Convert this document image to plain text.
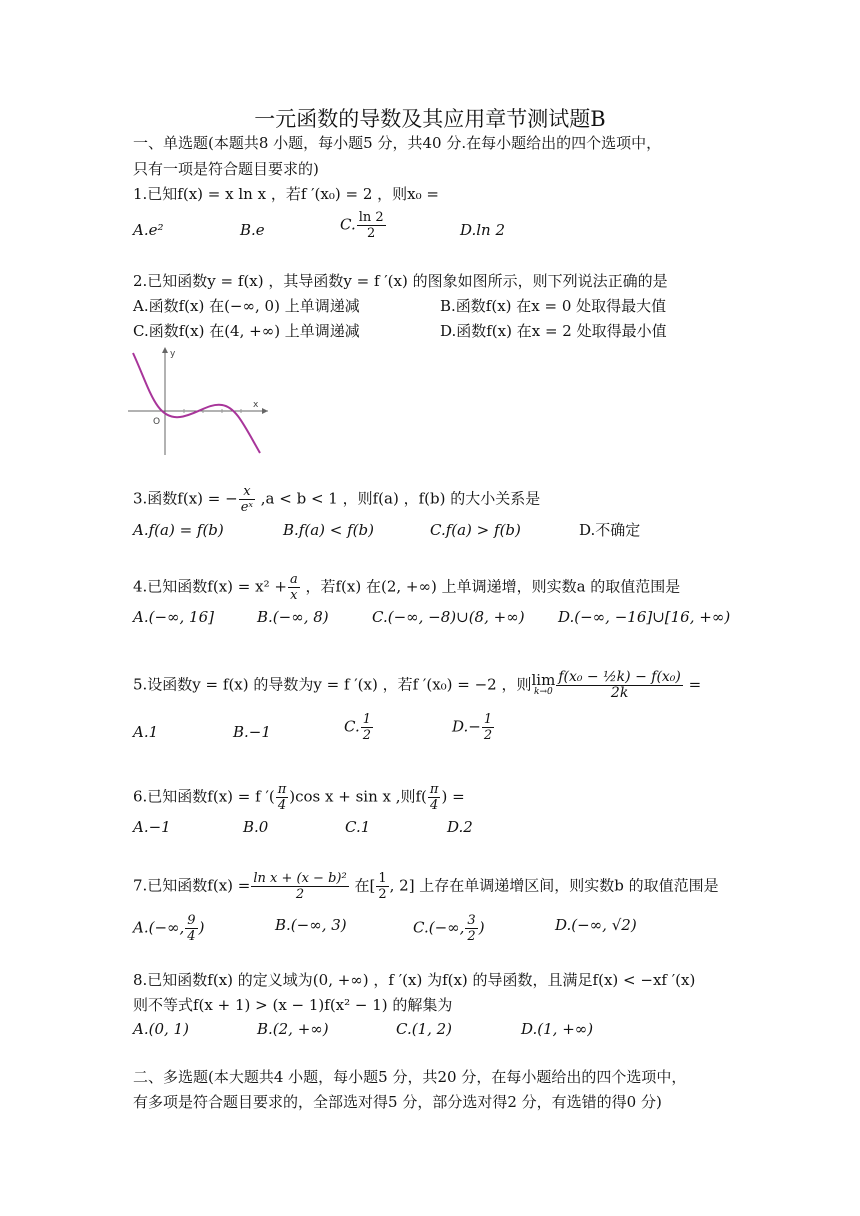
一元函数的导数及其应用章节测试题B
一、单选题(本题共8 小题，每小题5 分，共40 分.在每小题给出的四个选项中，
只有一项是符合题目要求的)
1.已知f(x) = x ln x ，若f ′(x₀) = 2 ，则x₀ =
A.e²	B.e	C. $\frac{\ln 2}{2}$	D.ln 2
2.已知函数y = f(x) ，其导函数y = f ′(x) 的图象如图所示，则下列说法正确的是
A.函数f(x) 在(−∞, 0) 上单调递减	B.函数f(x) 在x = 0 处取得最大值
C.函数f(x) 在(4, +∞) 上单调递减	D.函数f(x) 在x = 2 处取得最小值
y
x
O
3.函数f(x) = − $\frac{x}{\text{eˣ}} ,a < b < 1$ ，则f(a) ，f(b) 的大小关系是
A.f(a) = f(b)	B.f(a) < f(b)	C.f(a) > f(b)	D.不确定
4.已知函数$f(x) = x^2 + \frac{a}{x}$ ，若f(x) 在(2, +∞) 上单调递增，则实数a 的取值范围是
A.(−∞, 16]	B.(−∞, 8)	C.(−∞, −8)∪(8, +∞) D.(−∞, −16]∪[16, +∞)
5.设函数y = f(x) 的导数为y = f ′(x) ，若f ′(x₀) = −2 ，则lim
$k\to 0 \frac{\text{f(x₀ − ½k) − f(x₀)}}{2k}$ =
A.1	B.−1	C. $\frac{1}{2}$	$D.- \frac{1}{2}$
6.已知函数f(x) = f ′( $\frac{\pi}{4} )\cos$ x + sin x ,则$f( \frac{\pi}{4}$ ) =
A.−1	B.0	C.1	D.2
7.已知函数$f(x) = \frac{\text{ln x + (x − b)²}}{2}$ 在[ $\frac{1}{2}$ , 2] 上存在单调递增区间，则实数b 的取值范围是
A.(−∞, $\frac{9}{4}$ )	B.(−∞, 3)	C.(−∞, $\frac{3}{2}$ )	D.(−∞, √2)
8.已知函数f(x) 的定义域为(0, +∞) ，f ′(x) 为f(x) 的导函数，且满足f(x) < −xf ′(x)
则不等式f(x + 1) > (x − 1)f(x² − 1) 的解集为
A.(0, 1)	B.(2, +∞)	C.(1, 2)	D.(1, +∞)
二、多选题(本大题共4 小题，每小题5 分，共20 分，在每小题给出的四个选项中，
有多项是符合题目要求的，全部选对得5 分，部分选对得2 分，有选错的得0 分)
